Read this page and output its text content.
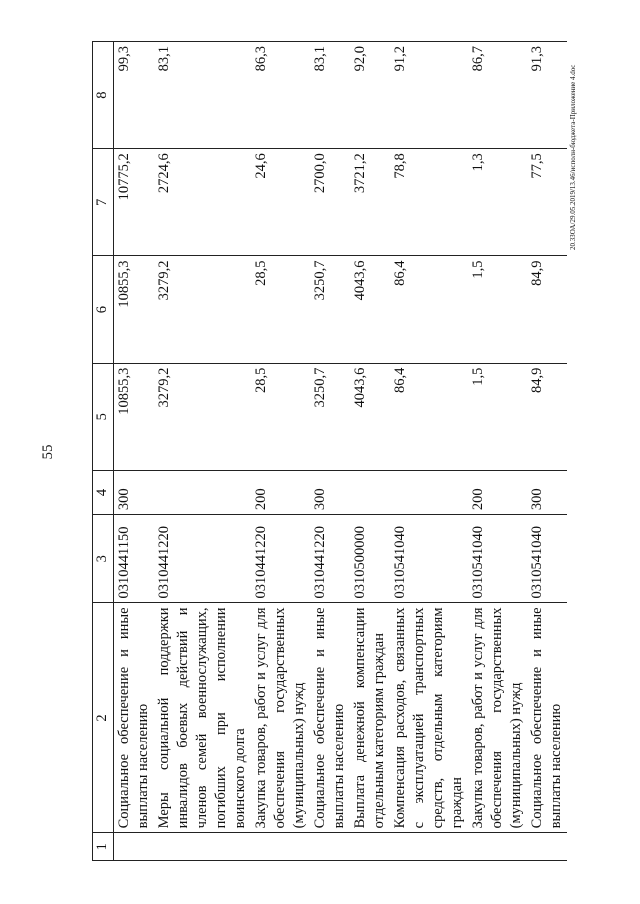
55
1	2	3	4	5	6	7	8
	Социальное обеспечение и иные выплаты населению	0310441150	300	10855,3	10855,3	10775,2	99,3
	Меры социальной поддержки инвалидов боевых действий и членов семей военнослужащих, погибших при исполнении воинского долга	0310441220		3279,2	3279,2	2724,6	83,1
	Закупка товаров, работ и услуг для обеспечения государственных (муниципальных) нужд	0310441220	200	28,5	28,5	24,6	86,3
	Социальное обеспечение и иные выплаты населению	0310441220	300	3250,7	3250,7	2700,0	83,1
	Выплата денежной компенсации отдельным категориям граждан	0310500000		4043,6	4043,6	3721,2	92,0
	Компенсация расходов, связанных с эксплуатацией транспортных средств, отдельным категориям граждан	0310541040		86,4	86,4	78,8	91,2
	Закупка товаров, работ и услуг для обеспечения государственных (муниципальных) нужд	0310541040	200	1,5	1,5	1,3	86,7
	Социальное обеспечение и иные выплаты населению	0310541040	300	84,9	84,9	77,5	91,3
20.3ЗОА/29.05.2019/13.46/испoлн-бюджета-Приложение 4.doc
